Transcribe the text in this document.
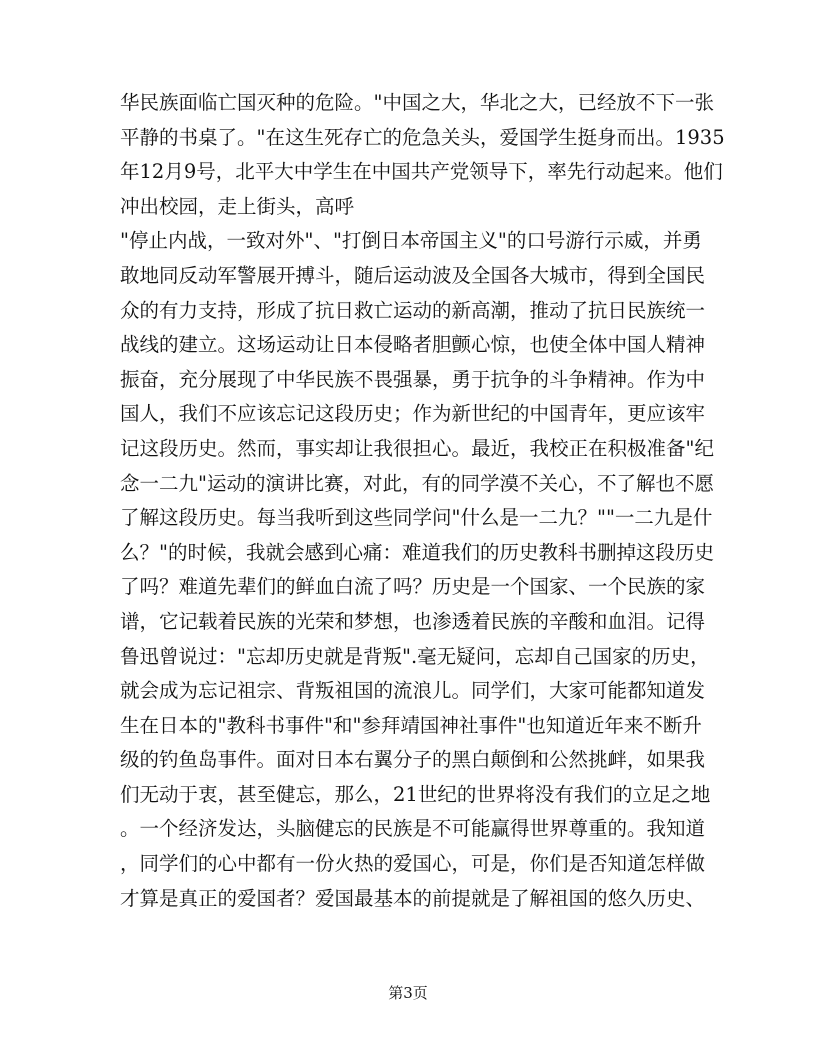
华民族面临亡国灭种的危险。"中国之大，华北之大，已经放不下一张
平静的书桌了。"在这生死存亡的危急关头，爱国学生挺身而出。1935
年12月9号，北平大中学生在中国共产党领导下，率先行动起来。他们
冲出校园，走上街头，高呼
"停止内战，一致对外"、"打倒日本帝国主义"的口号游行示威，并勇
敢地同反动军警展开搏斗，随后运动波及全国各大城市，得到全国民
众的有力支持，形成了抗日救亡运动的新高潮，推动了抗日民族统一
战线的建立。这场运动让日本侵略者胆颤心惊，也使全体中国人精神
振奋，充分展现了中华民族不畏强暴，勇于抗争的斗争精神。作为中
国人，我们不应该忘记这段历史；作为新世纪的中国青年，更应该牢
记这段历史。然而，事实却让我很担心。最近，我校正在积极准备"纪
念一二九"运动的演讲比赛，对此，有的同学漠不关心，不了解也不愿
了解这段历史。每当我听到这些同学问"什么是一二九？""一二九是什
么？"的时候，我就会感到心痛：难道我们的历史教科书删掉这段历史
了吗？难道先辈们的鲜血白流了吗？历史是一个国家、一个民族的家
谱，它记载着民族的光荣和梦想，也渗透着民族的辛酸和血泪。记得
鲁迅曾说过："忘却历史就是背叛".毫无疑问，忘却自己国家的历史，
就会成为忘记祖宗、背叛祖国的流浪儿。同学们，大家可能都知道发
生在日本的"教科书事件"和"参拜靖国神社事件"也知道近年来不断升
级的钓鱼岛事件。面对日本右翼分子的黑白颠倒和公然挑衅，如果我
们无动于衷，甚至健忘，那么，21世纪的世界将没有我们的立足之地
。一个经济发达，头脑健忘的民族是不可能赢得世界尊重的。我知道
，同学们的心中都有一份火热的爱国心，可是，你们是否知道怎样做
才算是真正的爱国者？爱国最基本的前提就是了解祖国的悠久历史、
第3页
